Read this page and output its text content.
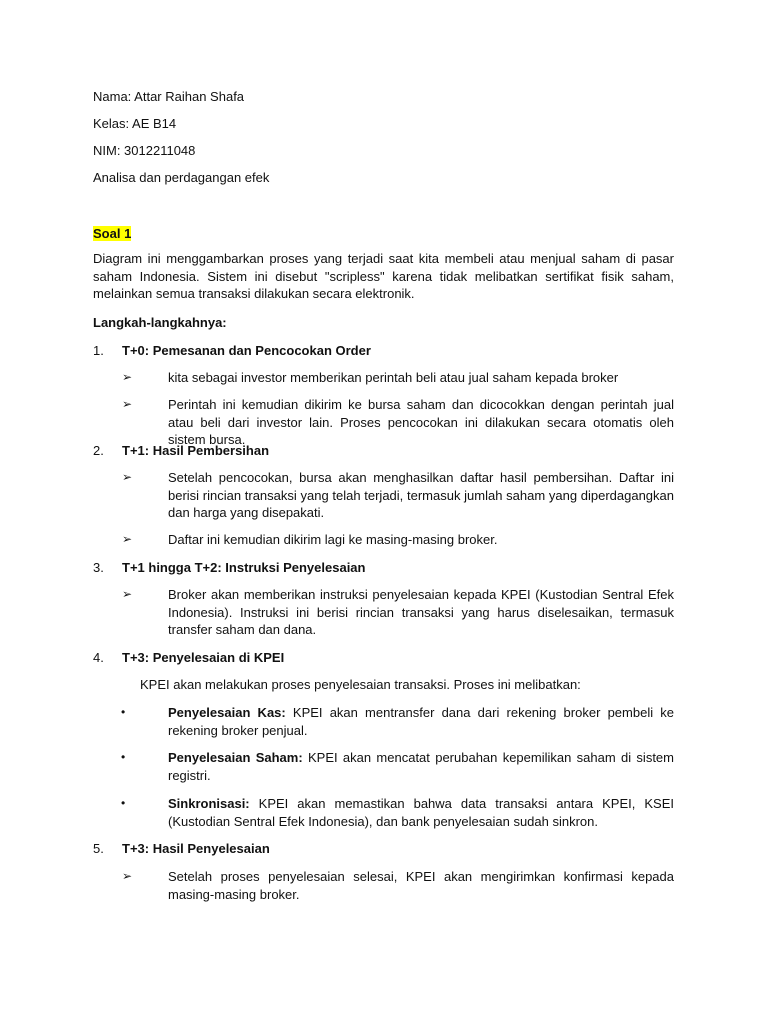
Nama: Attar Raihan Shafa
Kelas: AE B14
NIM: 3012211048
Analisa dan perdagangan efek
Soal 1
Diagram ini menggambarkan proses yang terjadi saat kita membeli atau menjual saham di pasar saham Indonesia. Sistem ini disebut "scripless" karena tidak melibatkan sertifikat fisik saham, melainkan semua transaksi dilakukan secara elektronik.
Langkah-langkahnya:
1. T+0: Pemesanan dan Pencocokan Order
➢	kita sebagai investor memberikan perintah beli atau jual saham kepada broker
➢	Perintah ini kemudian dikirim ke bursa saham dan dicocokkan dengan perintah jual atau beli dari investor lain. Proses pencocokan ini dilakukan secara otomatis oleh sistem bursa.
2. T+1: Hasil Pembersihan
➢	Setelah pencocokan, bursa akan menghasilkan daftar hasil pembersihan. Daftar ini berisi rincian transaksi yang telah terjadi, termasuk jumlah saham yang diperdagangkan dan harga yang disepakati.
➢	Daftar ini kemudian dikirim lagi ke masing-masing broker.
3. T+1 hingga T+2: Instruksi Penyelesaian
➢	Broker akan memberikan instruksi penyelesaian kepada KPEI (Kustodian Sentral Efek Indonesia). Instruksi ini berisi rincian transaksi yang harus diselesaikan, termasuk transfer saham dan dana.
4. T+3: Penyelesaian di KPEI
KPEI akan melakukan proses penyelesaian transaksi. Proses ini melibatkan:
•	Penyelesaian Kas: KPEI akan mentransfer dana dari rekening broker pembeli ke rekening broker penjual.
•	Penyelesaian Saham: KPEI akan mencatat perubahan kepemilikan saham di sistem registri.
•	Sinkronisasi: KPEI akan memastikan bahwa data transaksi antara KPEI, KSEI (Kustodian Sentral Efek Indonesia), dan bank penyelesaian sudah sinkron.
5. T+3: Hasil Penyelesaian
➢	Setelah proses penyelesaian selesai, KPEI akan mengirimkan konfirmasi kepada masing-masing broker.
